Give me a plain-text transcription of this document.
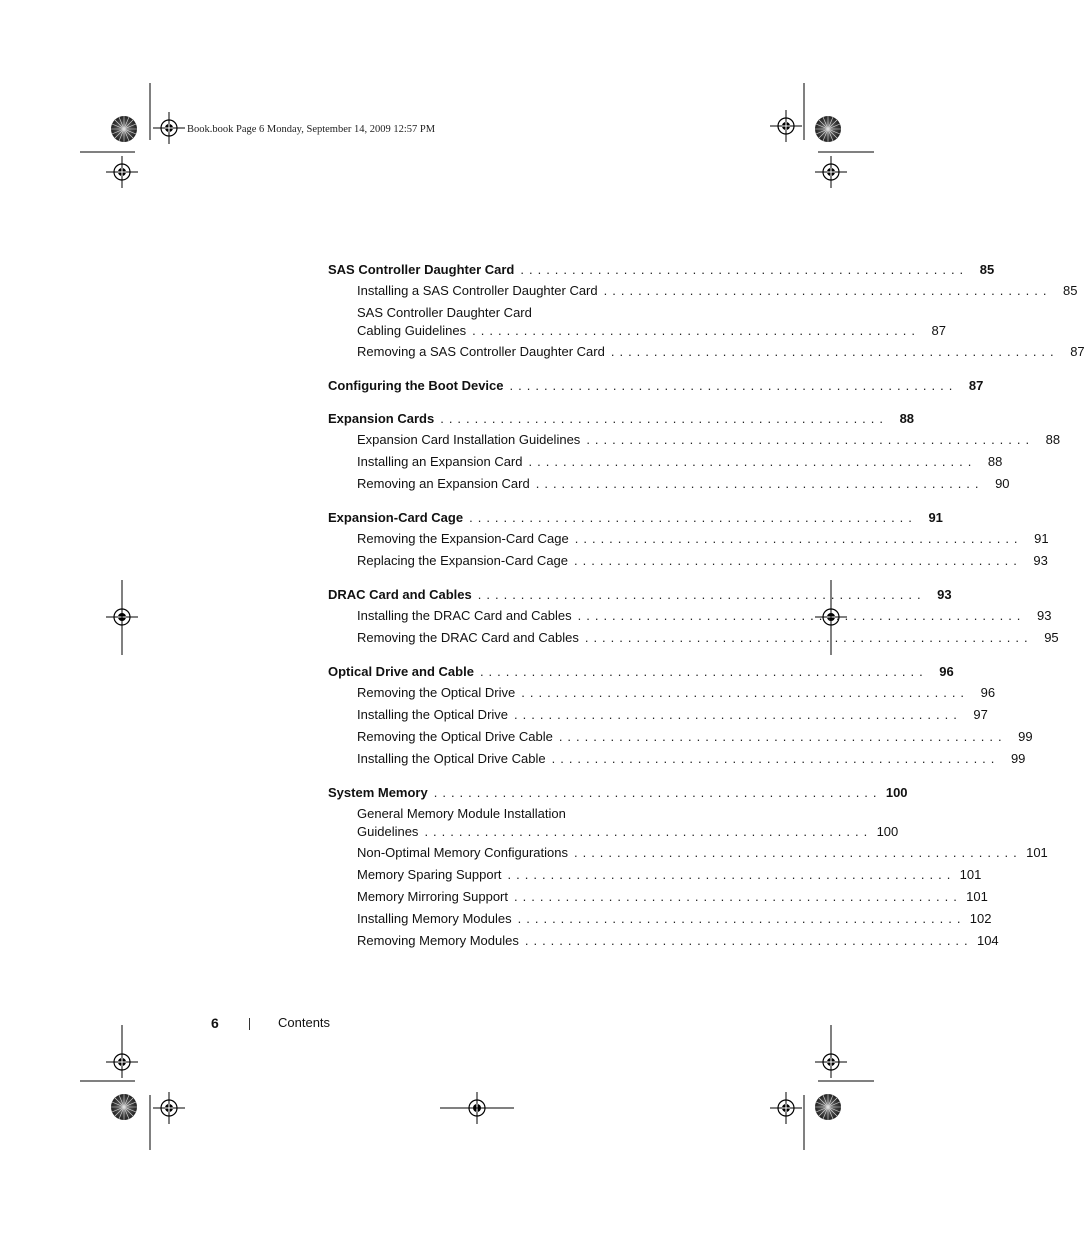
Book.book Page 6 Monday, September 14, 2009 12:57 PM
SAS Controller Daughter Card .................................................... 85
Installing a SAS Controller Daughter Card .................................................... 85
SAS Controller Daughter Card
Cabling Guidelines .................................................... 87
Removing a SAS Controller Daughter Card .................................................... 87
Configuring the Boot Device .................................................... 87
Expansion Cards .................................................... 88
Expansion Card Installation Guidelines .................................................... 88
Installing an Expansion Card .................................................... 88
Removing an Expansion Card .................................................... 90
Expansion-Card Cage .................................................... 91
Removing the Expansion-Card Cage .................................................... 91
Replacing the Expansion-Card Cage .................................................... 93
DRAC Card and Cables .................................................... 93
Installing the DRAC Card and Cables .................................................... 93
Removing the DRAC Card and Cables .................................................... 95
Optical Drive and Cable .................................................... 96
Removing the Optical Drive .................................................... 96
Installing the Optical Drive .................................................... 97
Removing the Optical Drive Cable .................................................... 99
Installing the Optical Drive Cable .................................................... 99
System Memory .................................................... 100
General Memory Module Installation
Guidelines .................................................... 100
Non-Optimal Memory Configurations .................................................... 101
Memory Sparing Support .................................................... 101
Memory Mirroring Support .................................................... 101
Installing Memory Modules .................................................... 102
Removing Memory Modules .................................................... 104
6	Contents
